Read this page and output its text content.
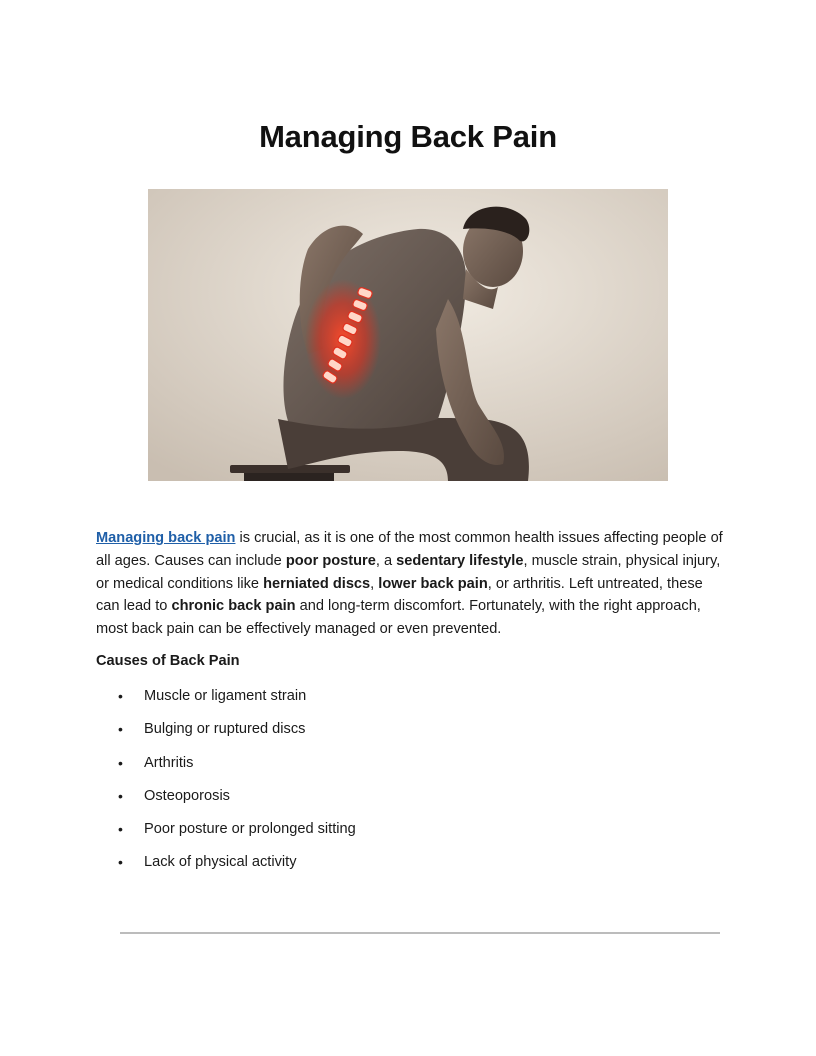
Managing Back Pain

Managing back pain is crucial, as it is one of the most common health issues affecting people of all ages. Causes can include poor posture, a sedentary lifestyle, muscle strain, physical injury, or medical conditions like herniated discs, lower back pain, or arthritis. Left untreated, these can lead to chronic back pain and long-term discomfort. Fortunately, with the right approach, most back pain can be effectively managed or even prevented.

Causes of Back Pain
• Muscle or ligament strain
• Bulging or ruptured discs
• Arthritis
• Osteoporosis
• Poor posture or prolonged sitting
• Lack of physical activity
